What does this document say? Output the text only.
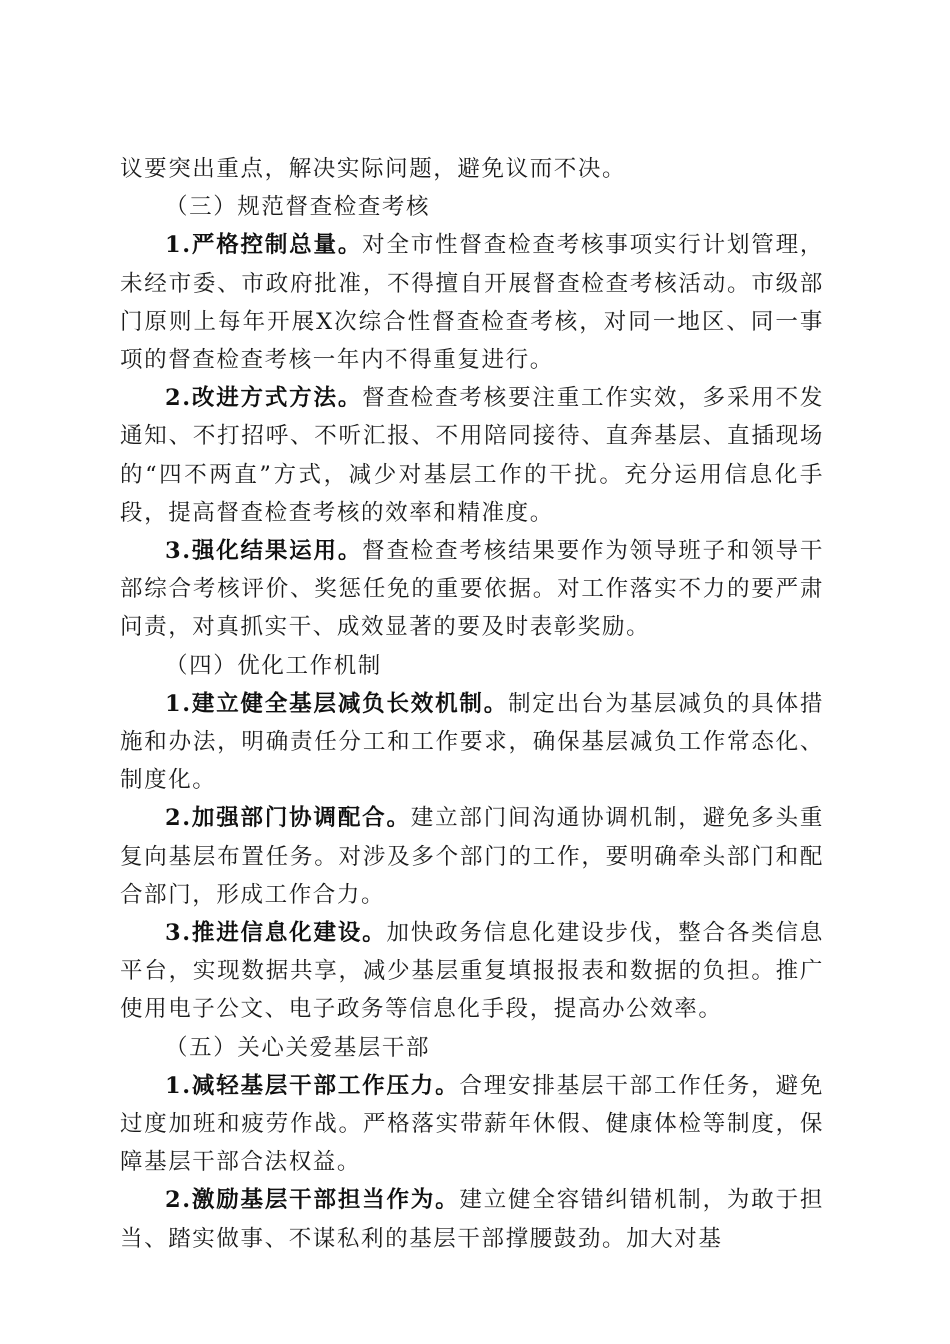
议要突出重点，解决实际问题，避免议而不决。

（三）规范督查检查考核

1.严格控制总量。对全市性督查检查考核事项实行计划管理，未经市委、市政府批准，不得擅自开展督查检查考核活动。市级部门原则上每年开展X次综合性督查检查考核，对同一地区、同一事项的督查检查考核一年内不得重复进行。

2.改进方式方法。督查检查考核要注重工作实效，多采用不发通知、不打招呼、不听汇报、不用陪同接待、直奔基层、直插现场的“四不两直”方式，减少对基层工作的干扰。充分运用信息化手段，提高督查检查考核的效率和精准度。

3.强化结果运用。督查检查考核结果要作为领导班子和领导干部综合考核评价、奖惩任免的重要依据。对工作落实不力的要严肃问责，对真抓实干、成效显著的要及时表彰奖励。

（四）优化工作机制

1.建立健全基层减负长效机制。制定出台为基层减负的具体措施和办法，明确责任分工和工作要求，确保基层减负工作常态化、制度化。

2.加强部门协调配合。建立部门间沟通协调机制，避免多头重复向基层布置任务。对涉及多个部门的工作，要明确牵头部门和配合部门，形成工作合力。

3.推进信息化建设。加快政务信息化建设步伐，整合各类信息平台，实现数据共享，减少基层重复填报报表和数据的负担。推广使用电子公文、电子政务等信息化手段，提高办公效率。

（五）关心关爱基层干部

1.减轻基层干部工作压力。合理安排基层干部工作任务，避免过度加班和疲劳作战。严格落实带薪年休假、健康体检等制度，保障基层干部合法权益。

2.激励基层干部担当作为。建立健全容错纠错机制，为敢于担当、踏实做事、不谋私利的基层干部撑腰鼓劲。加大对基
